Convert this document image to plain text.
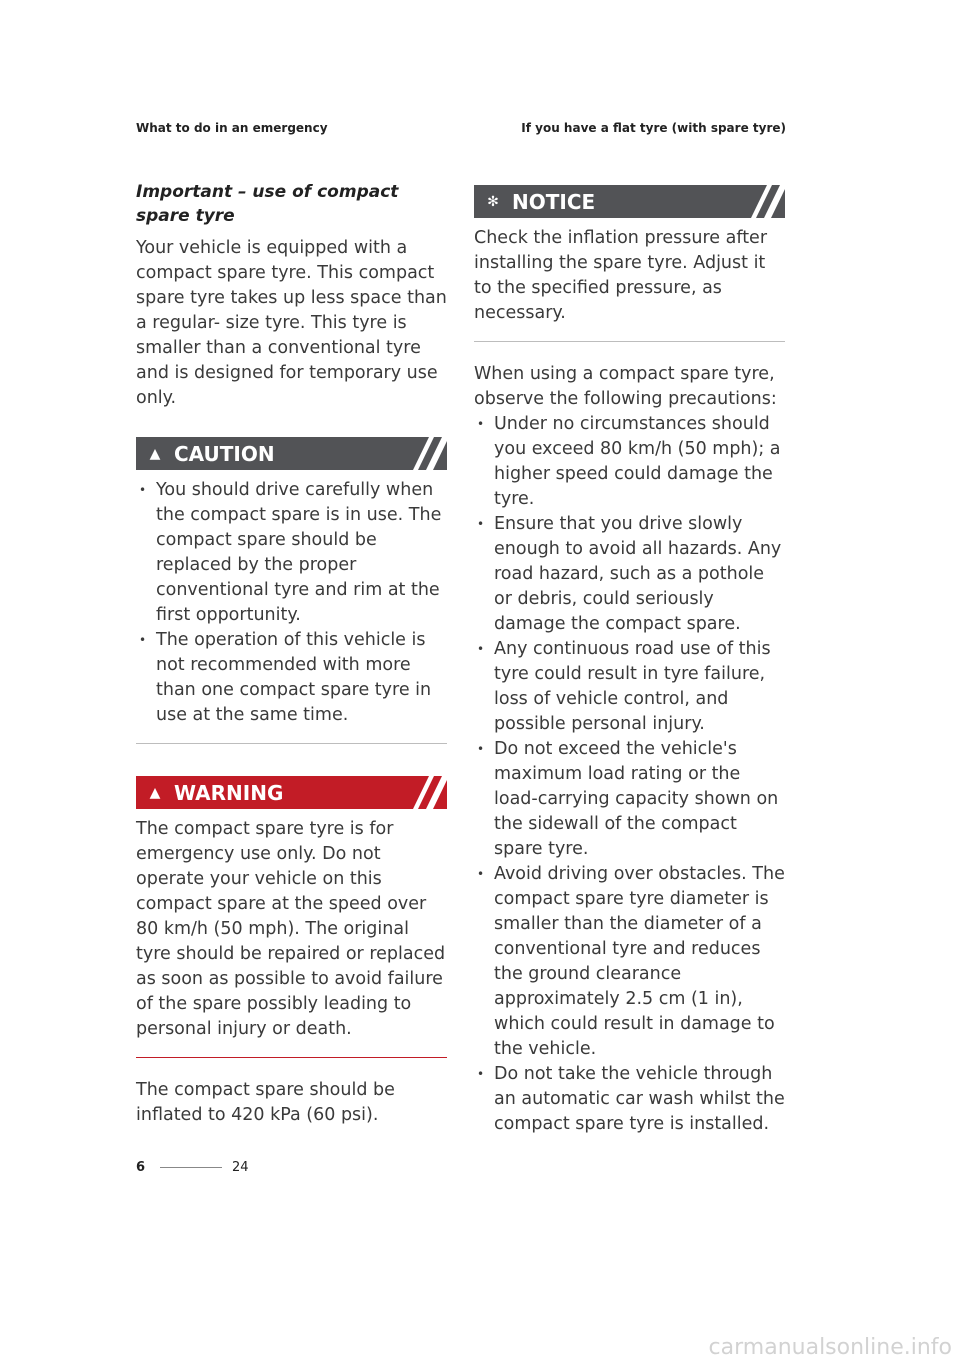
What to do in an emergency	If you have a flat tyre (with spare tyre)
Important – use of compact spare tyre

Your vehicle is equipped with a compact spare tyre. This compact spare tyre takes up less space than a regular- size tyre. This tyre is smaller than a conventional tyre and is designed for temporary use only.

▲ CAUTION
• You should drive carefully when the compact spare is in use. The compact spare should be replaced by the proper conventional tyre and rim at the first opportunity.
• The operation of this vehicle is not recommended with more than one compact spare tyre in use at the same time.
▲ WARNING

The compact spare tyre is for emergency use only. Do not operate your vehicle on this compact spare at the speed over 80 km/h (50 mph). The original tyre should be repaired or replaced as soon as possible to avoid failure of the spare possibly leading to personal injury or death.

The compact spare should be inflated to 420 kPa (60 psi).

✻ NOTICE

Check the inflation pressure after installing the spare tyre. Adjust it to the specified pressure, as necessary.

When using a compact spare tyre, observe the following precautions:

• Under no circumstances should you exceed 80 km/h (50 mph); a higher speed could damage the tyre.
• Ensure that you drive slowly enough to avoid all hazards. Any road hazard, such as a pothole or debris, could seriously damage the compact spare.
• Any continuous road use of this tyre could result in tyre failure, loss of vehicle control, and possible personal injury.
• Do not exceed the vehicle's maximum load rating or the load-carrying capacity shown on the sidewall of the compact spare tyre.
• Avoid driving over obstacles. The compact spare tyre diameter is smaller than the diameter of a conventional tyre and reduces the ground clearance approximately 2.5 cm (1 in), which could result in damage to the vehicle.
• Do not take the vehicle through an automatic car wash whilst the compact spare tyre is installed.
6	24
carmanualsonline.info
